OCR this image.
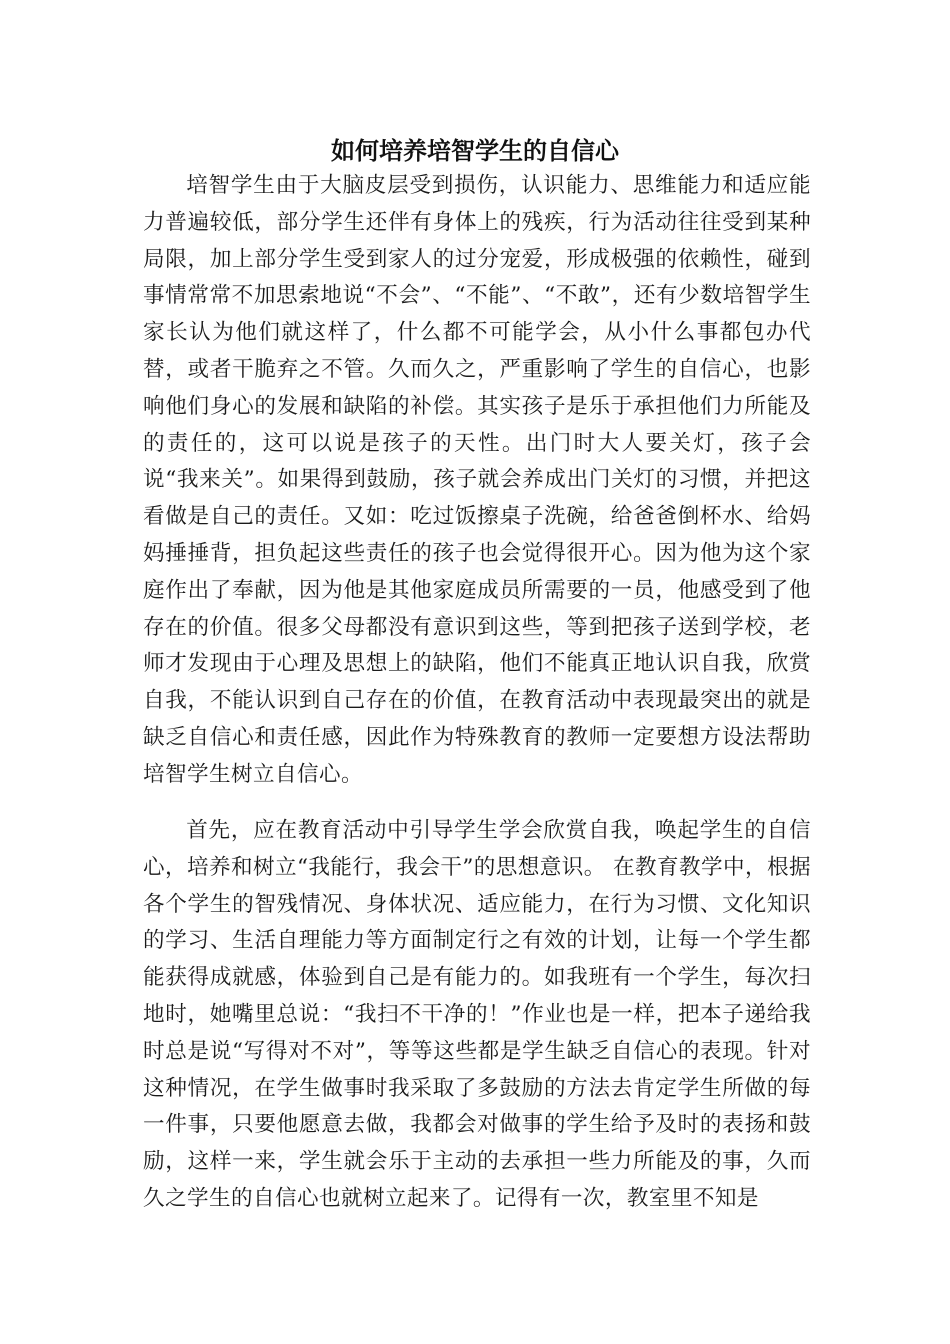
如何培养培智学生的自信心

培智学生由于大脑皮层受到损伤，认识能力、思维能力和适应能力普遍较低，部分学生还伴有身体上的残疾，行为活动往往受到某种局限，加上部分学生受到家人的过分宠爱，形成极强的依赖性，碰到事情常常不加思索地说“不会”、“不能”、“不敢”，还有少数培智学生家长认为他们就这样了，什么都不可能学会，从小什么事都包办代替，或者干脆弃之不管。久而久之，严重影响了学生的自信心，也影响他们身心的发展和缺陷的补偿。其实孩子是乐于承担他们力所能及的责任的，这可以说是孩子的天性。出门时大人要关灯，孩子会说“我来关”。如果得到鼓励，孩子就会养成出门关灯的习惯，并把这看做是自己的责任。又如：吃过饭擦桌子洗碗，给爸爸倒杯水、给妈妈捶捶背，担负起这些责任的孩子也会觉得很开心。因为他为这个家庭作出了奉献，因为他是其他家庭成员所需要的一员，他感受到了他存在的价值。很多父母都没有意识到这些，等到把孩子送到学校，老师才发现由于心理及思想上的缺陷，他们不能真正地认识自我，欣赏自我，不能认识到自己存在的价值，在教育活动中表现最突出的就是缺乏自信心和责任感，因此作为特殊教育的教师一定要想方设法帮助培智学生树立自信心。

首先，应在教育活动中引导学生学会欣赏自我，唤起学生的自信心，培养和树立“我能行，我会干”的思想意识。 在教育教学中，根据各个学生的智残情况、身体状况、适应能力，在行为习惯、文化知识的学习、生活自理能力等方面制定行之有效的计划，让每一个学生都能获得成就感，体验到自己是有能力的。如我班有一个学生，每次扫地时，她嘴里总说：“我扫不干净的！”作业也是一样，把本子递给我时总是说“写得对不对”，等等这些都是学生缺乏自信心的表现。针对这种情况，在学生做事时我采取了多鼓励的方法去肯定学生所做的每一件事，只要他愿意去做，我都会对做事的学生给予及时的表扬和鼓励，这样一来，学生就会乐于主动的去承担一些力所能及的事，久而久之学生的自信心也就树立起来了。记得有一次，教室里不知是
